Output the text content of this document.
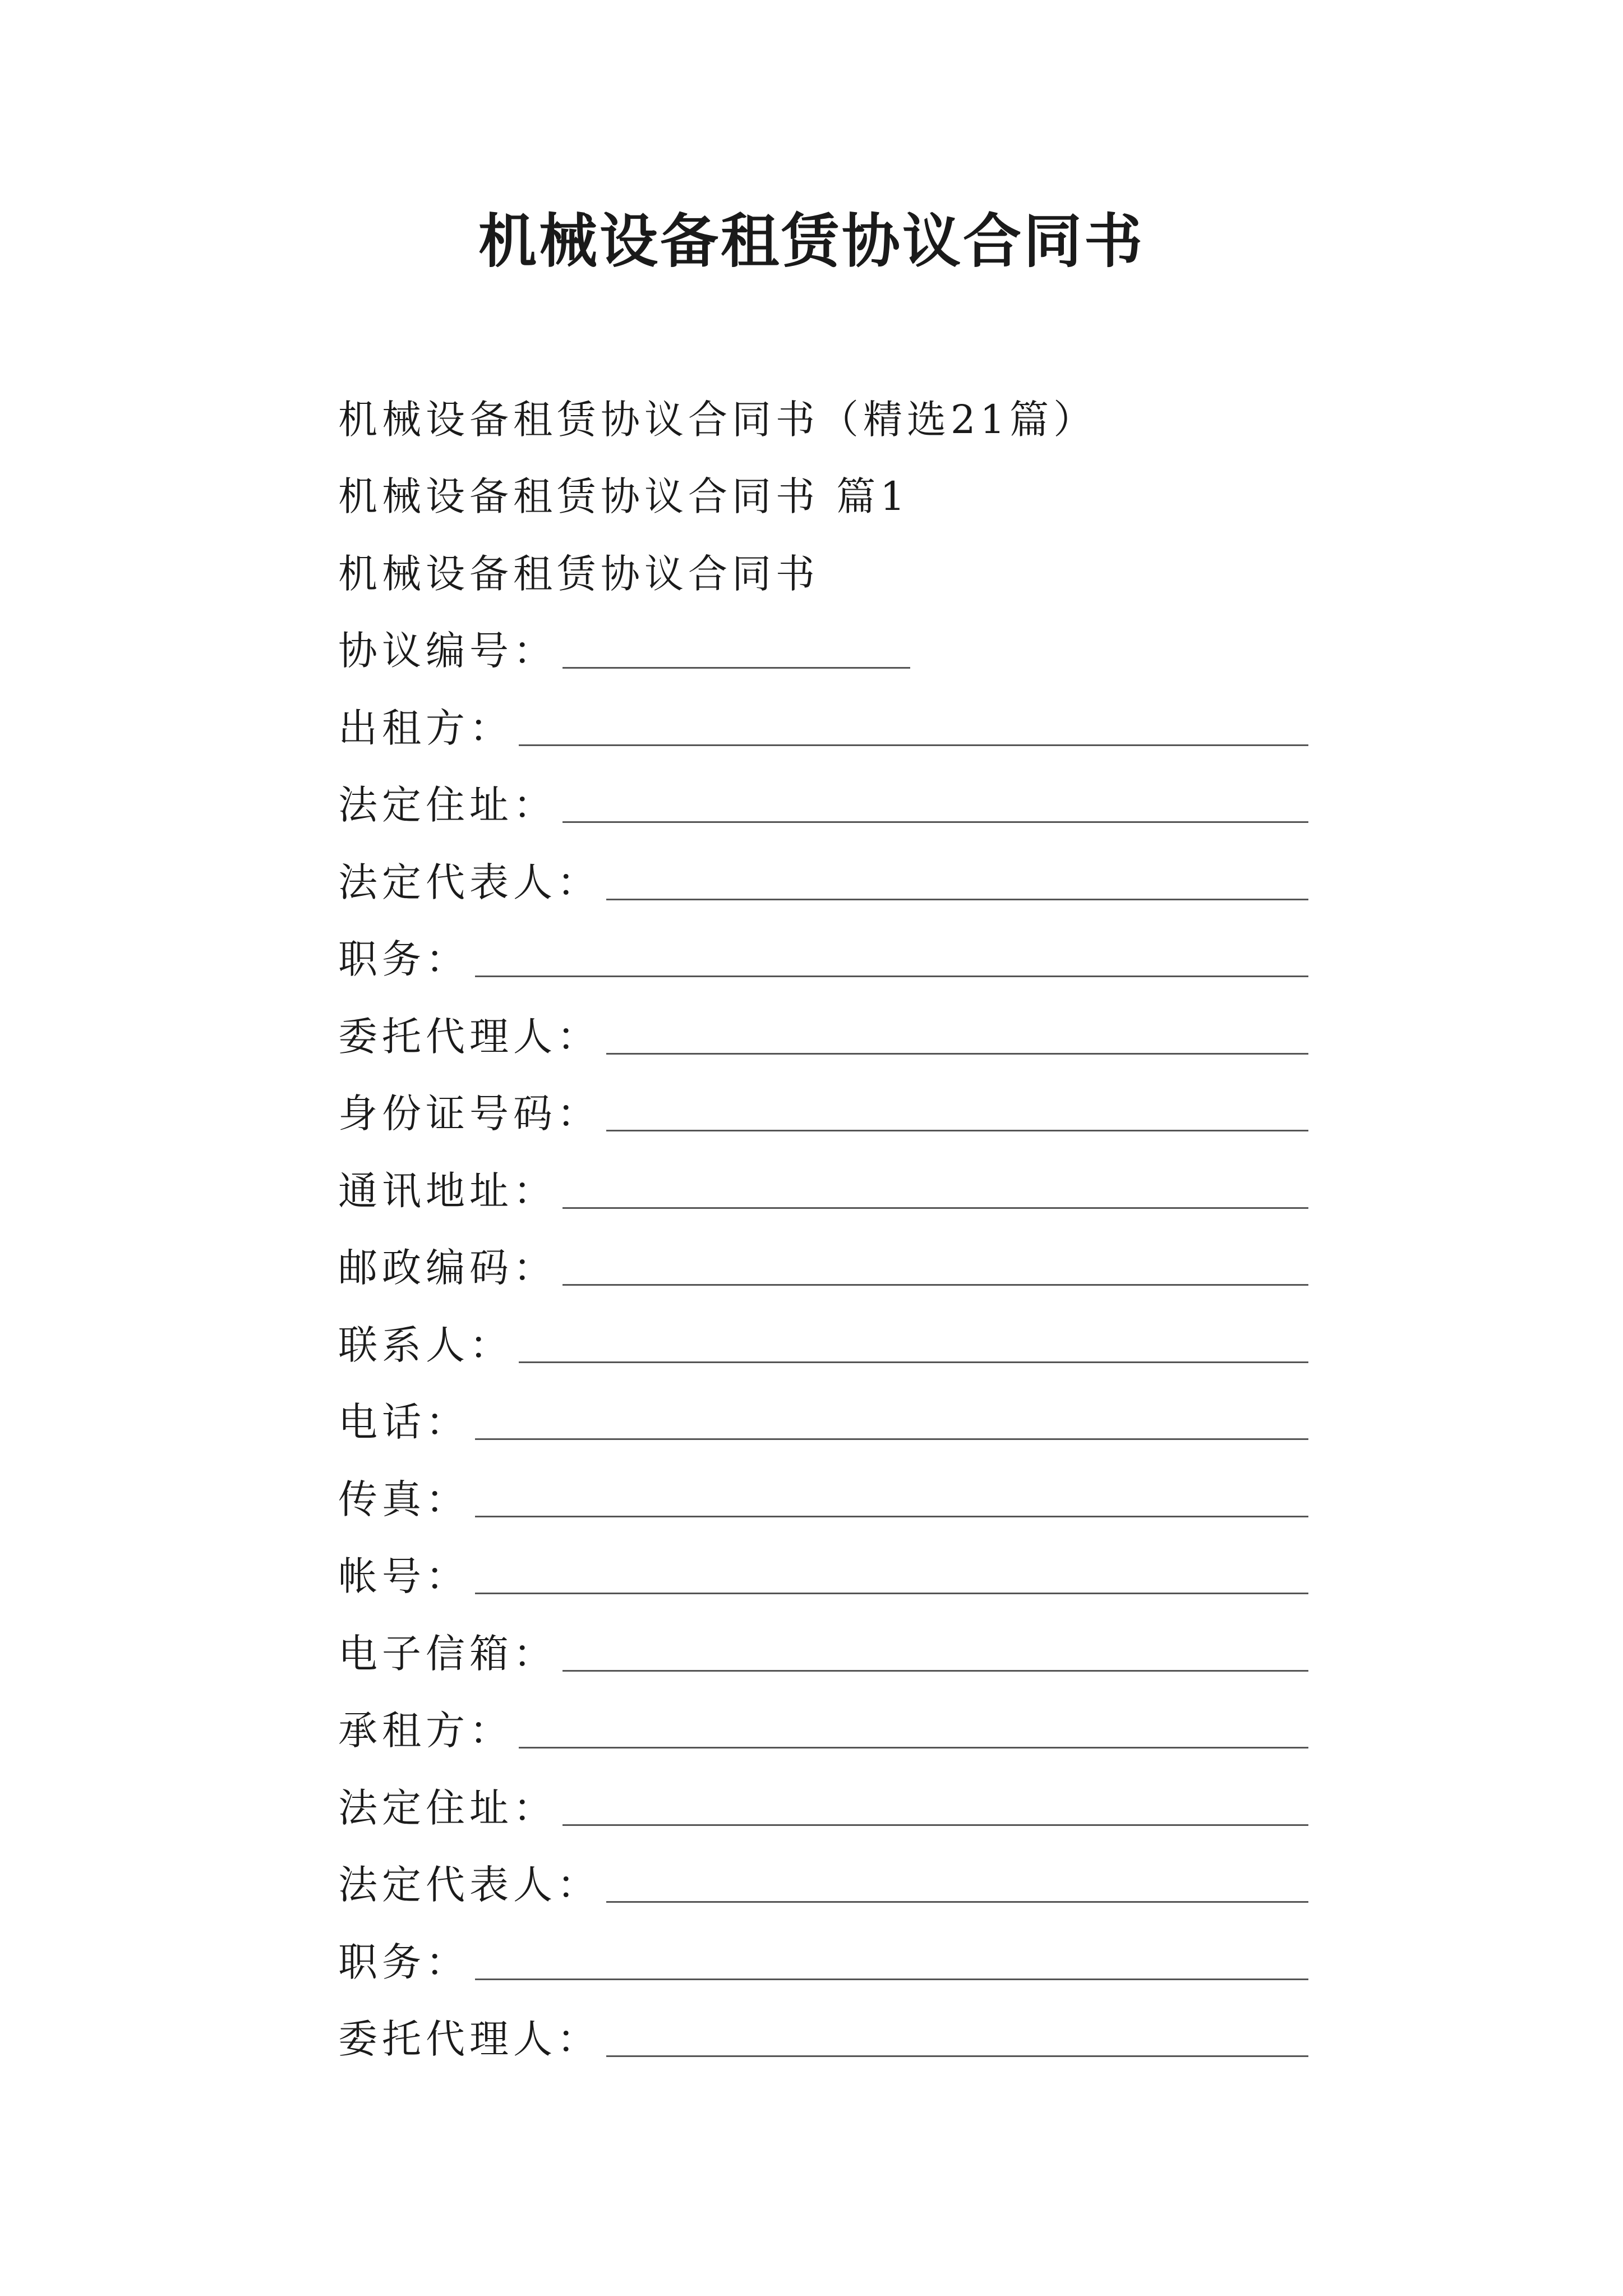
机械设备租赁协议合同书
机械设备租赁协议合同书（精选21篇）
机械设备租赁协议合同书 篇1
机械设备租赁协议合同书
协议编号：
出租方：
法定住址：
法定代表人：
职务：
委托代理人：
身份证号码：
通讯地址：
邮政编码：
联系人：
电话：
传真：
帐号：
电子信箱：
承租方：
法定住址：
法定代表人：
职务：
委托代理人：
